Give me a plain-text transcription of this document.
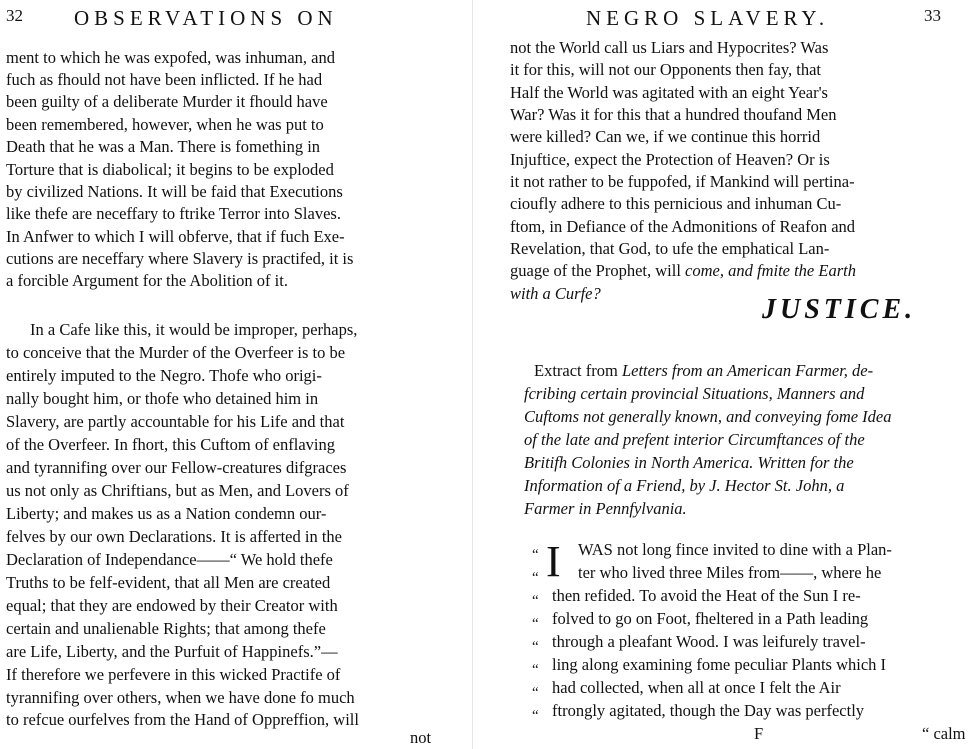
32 OBSERVATIONS ON
ment to which he was expofed, was inhuman, and
fuch as fhould not have been inflicted. If he had
been guilty of a deliberate Murder it fhould have
been remembered, however, when he was put to
Death that he was a Man. There is fomething in
Torture that is diabolical; it begins to be exploded
by civilized Nations. It will be faid that Executions
like thefe are neceffary to ftrike Terror into Slaves.
In Anfwer to which I will obferve, that if fuch Exe-
cutions are neceffary where Slavery is practifed, it is
a forcible Argument for the Abolition of it.
In a Cafe like this, it would be improper, perhaps,
to conceive that the Murder of the Overfeer is to be
entirely imputed to the Negro. Thofe who origi-
nally bought him, or thofe who detained him in
Slavery, are partly accountable for his Life and that
of the Overfeer. In fhort, this Cuftom of enflaving
and tyrannifing over our Fellow-creatures difgraces
us not only as Chriftians, but as Men, and Lovers of
Liberty; and makes us as a Nation condemn our-
felves by our own Declarations. It is afferted in the
Declaration of Independance——“ We hold thefe
Truths to be felf-evident, that all Men are created
equal; that they are endowed by their Creator with
certain and unalienable Rights; that among thefe
are Life, Liberty, and the Purfuit of Happinefs.”—
If therefore we perfevere in this wicked Practife of
tyrannifing over others, when we have done fo much
to refcue ourfelves from the Hand of Oppreffion, will
not
NEGRO SLAVERY.	33
not the World call us Liars and Hypocrites? Was
it for this, will not our Opponents then fay, that
Half the World was agitated with an eight Year's
War? Was it for this that a hundred thoufand Men
were killed? Can we, if we continue this horrid
Injuftice, expect the Protection of Heaven? Or is
it not rather to be fuppofed, if Mankind will pertina-
cioufly adhere to this pernicious and inhuman Cu-
ftom, in Defiance of the Admonitions of Reafon and
Revelation, that God, to ufe the emphatical Lan-
guage of the Prophet, will come, and fmite the Earth
with a Curfe?
JUSTICE.
Extract from Letters from an American Farmer, de-
fcribing certain provincial Situations, Manners and
Cuftoms not generally known, and conveying fome Idea
of the late and prefent interior Circumftances of the
Britifh Colonies in North America. Written for the
Information of a Friend, by J. Hector St. John, a
Farmer in Pennfylvania.
“
“
“
“
“
“
“
“
I WAS not long fince invited to dine with a Plan-
ter who lived three Miles from——, where he
then refided. To avoid the Heat of the Sun I re-
folved to go on Foot, fheltered in a Path leading
through a pleafant Wood. I was leifurely travel-
ling along examining fome peculiar Plants which I
had collected, when all at once I felt the Air
ftrongly agitated, though the Day was perfectly
F	“ calm
